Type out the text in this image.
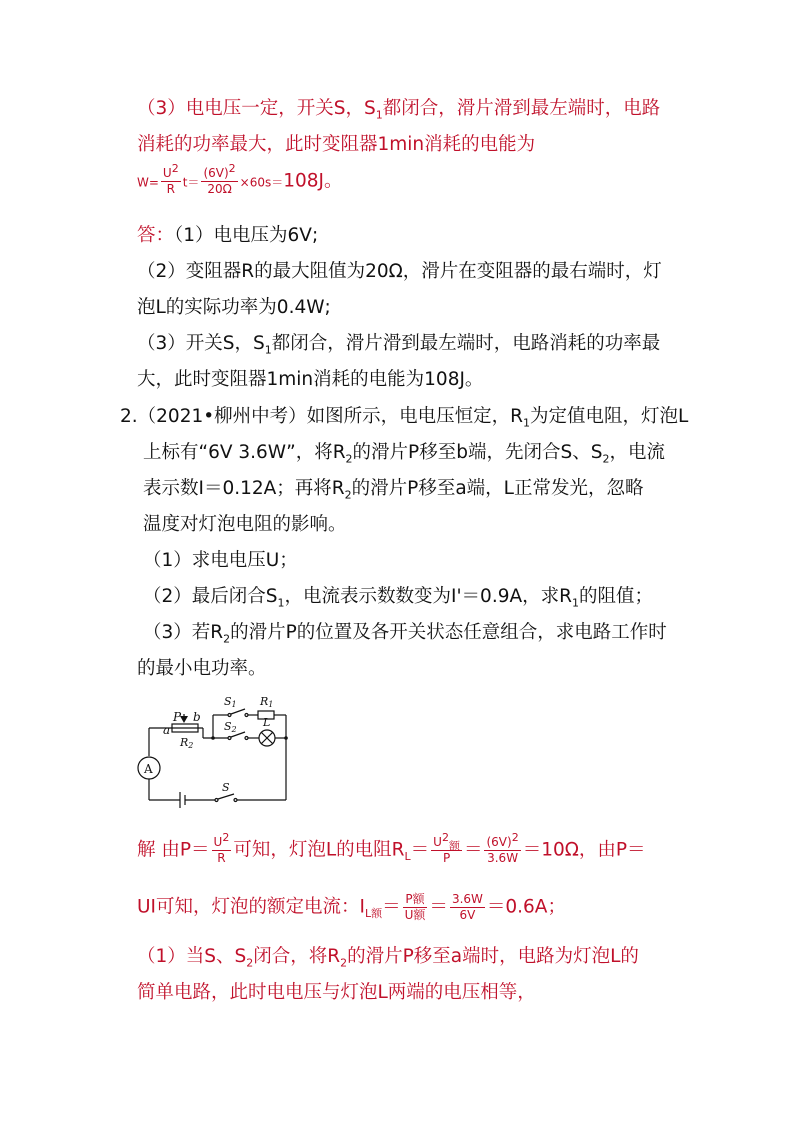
（3）电电压一定，开关S，$S_1$都闭合，滑片滑到最左端时，电路
消耗的功率最大，此时变阻器1min消耗的电能为
$W= \frac{U^2}{R} t= \frac{(6V)^2}{20\Omega} \times 60s=108J$。
答：（1）电电压为6V;
（2）变阻器R的最大阻值为20Ω，滑片在变阻器的最右端时，灯
泡L的实际功率为0.4W;
（3）开关S，$S_1$都闭合，滑片滑到最左端时，电路消耗的功率最
大，此时变阻器1min消耗的电能为108J。
2.（2021•柳州中考）如图所示，电电压恒定，$R_1$为定值电阻，灯泡L
上标有“6V 3.6W”，将$R_2$的滑片P移至b端，先闭合S、$S_2$，电流
表示数I＝0.12A；再将$R_2$的滑片P移至a端，L正常发光，忽略
温度对灯泡电阻的影响。
（1）求电电压U；
（2）最后闭合$S_1$，电流表示数数变为I'＝0.9A，求$R_1$的阻值；
（3）若$R_2$的滑片P的位置及各开关状态任意组合，求电路工作时
的最小电功率。
S1 R1
S2
L
a
P b
R2
A
S
解 由$P= \frac{U^2}{R}$ 可知，灯泡L的电阻$R_L= \frac{U^2_额}{P} = \frac{(6V)^2}{3.6W} =10\Omega$，由P＝
UI可知，灯泡的额定电流：$I_{L额}= \frac{\text{P额}}{\text{U额}} = \frac{3.6W}{6V} =0.6A$；
（1）当S、$S_2$闭合，将$R_2$的滑片P移至a端时，电路为灯泡L的
简单电路，此时电电压与灯泡L两端的电压相等，
